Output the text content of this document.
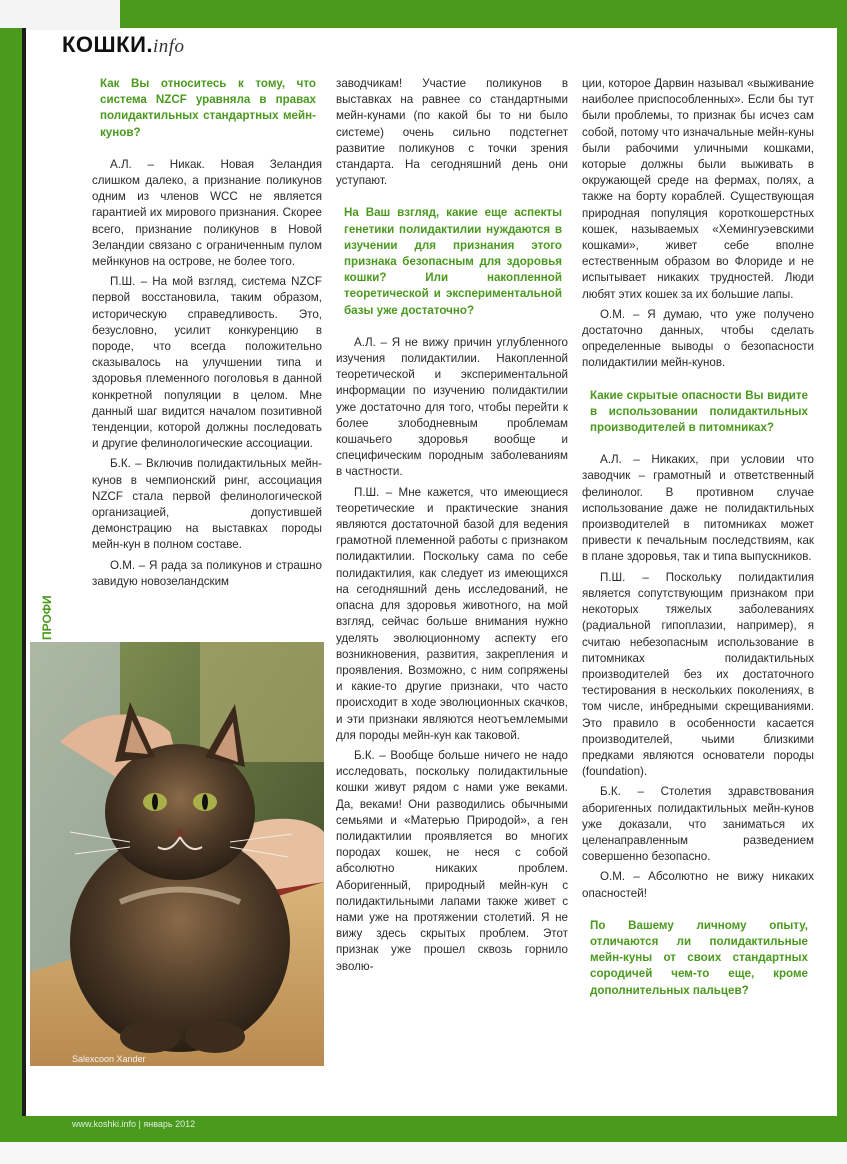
КОШКИ.info
ПРОФИ

Как Вы относитесь к тому, что система NZCF уравняла в правах полидактильных стандартных мейн-кунов?

А.Л. – Никак. Новая Зеландия слишком далеко, а признание поликунов одним из членов WCC не является гарантией их мирового признания. Скорее всего, признание поликунов в Новой Зеландии связано с ограниченным пулом мейнкунов на острове, не более того.

П.Ш. – На мой взгляд, система NZCF первой восстановила, таким образом, историческую справедливость. Это, безусловно, усилит конкуренцию в породе, что всегда положительно сказывалось на улучшении типа и здоровья племенного поголовья в данной конкретной популяции в целом. Мне данный шаг видится началом позитивной тенденции, которой должны последовать и другие фелинологические ассоциации.

Б.К. – Включив полидактильных мейн-кунов в чемпионский ринг, ассоциация NZCF стала первой фелинологической организацией, допустившей демонстрацию на выставках породы мейн-кун в полном составе.

О.М. – Я рада за поликунов и страшно завидую новозеландским

Salexcoon Xander

заводчикам! Участие поликунов в выставках на равнее со стандартными мейн-кунами (по какой бы то ни было системе) очень сильно подстегнет развитие поликунов с точки зрения стандарта. На сегодняшний день они уступают.

На Ваш взгляд, какие еще аспекты генетики полидактилии нуждаются в изучении для признания этого признака безопасным для здоровья кошки? Или накопленной теоретической и экспериментальной базы уже достаточно?

А.Л. – Я не вижу причин углубленного изучения полидактилии. Накопленной теоретической и экспериментальной информации по изучению полидактилии уже достаточно для того, чтобы перейти к более злободневным проблемам кошачьего здоровья вообще и специфическим породным заболеваниям в частности.

П.Ш. – Мне кажется, что имеющиеся теоретические и практические знания являются достаточной базой для ведения грамотной племенной работы с признаком полидактилии. Поскольку сама по себе полидактилия, как следует из имеющихся на сегодняшний день исследований, не опасна для здоровья животного, на мой взгляд, сейчас больше внимания нужно уделять эволюционному аспекту его возникновения, развития, закрепления и проявления. Возможно, с ним сопряжены и какие-то другие признаки, что часто происходит в ходе эволюционных скачков, и эти признаки являются неотъемлемыми для породы мейн-кун как таковой.

Б.К. – Вообще больше ничего не надо исследовать, поскольку полидактильные кошки живут рядом с нами уже веками. Да, веками! Они разводились обычными семьями и «Матерью Природой», а ген полидактилии проявляется во многих породах кошек, не неся с собой абсолютно никаких проблем. Аборигенный, природный мейн-кун с полидактильными лапами также живет с нами уже на протяжении столетий. Я не вижу здесь скрытых проблем. Этот признак уже прошел сквозь горнило эволю-

ции, которое Дарвин называл «выживание наиболее приспособленных». Если бы тут были проблемы, то признак бы исчез сам собой, потому что изначальные мейн-куны были рабочими уличными кошками, которые должны были выживать в окружающей среде на фермах, полях, а также на борту кораблей. Существующая природная популяция короткошерстных кошек, называемых «Хемингуэевскими кошками», живет себе вполне естественным образом во Флориде и не испытывает никаких трудностей. Люди любят этих кошек за их большие лапы.

О.М. – Я думаю, что уже получено достаточно данных, чтобы сделать определенные выводы о безопасности полидактилии мейн-кунов.

Какие скрытые опасности Вы видите в использовании полидактильных производителей в питомниках?

А.Л. – Никаких, при условии что заводчик – грамотный и ответственный фелинолог. В противном случае использование даже не полидактильных производителей в питомниках может привести к печальным последствиям, как в плане здоровья, так и типа выпускников.

П.Ш. – Поскольку полидактилия является сопутствующим признаком при некоторых тяжелых заболеваниях (радиальной гипоплазии, например), я считаю небезопасным использование в питомниках полидактильных производителей без их достаточного тестирования в нескольких поколениях, в том числе, инбредными скрещиваниями. Это правило в особенности касается производителей, чьими близкими предками являются основатели породы (foundation).

Б.К. – Столетия здравствования аборигенных полидактильных мейн-кунов уже доказали, что заниматься их целенаправленным разведением совершенно безопасно.

О.М. – Абсолютно не вижу никаких опасностей!

По Вашему личному опыту, отличаются ли полидактильные мейн-куны от своих стандартных сородичей чем-то еще, кроме дополнительных пальцев?

www.koshki.info | январь 2012
